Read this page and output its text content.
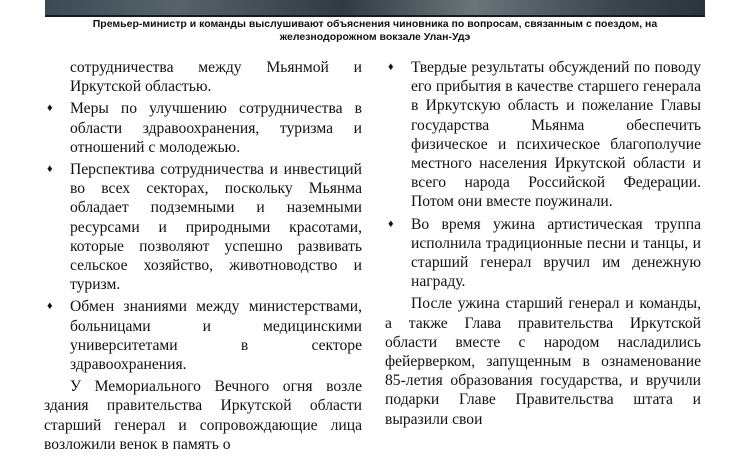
Премьер-министр и команды выслушивают объяснения чиновника по вопросам, связанным с поездом, на
железнодорожном вокзале Улан-Удэ
сотрудничества между Мьянмой и Иркутской областью.
♦ Меры по улучшению сотрудничества в области здравоохранения, туризма и отношений с молодежью.
♦ Перспектива сотрудничества и инвестиций во всех секторах, поскольку Мьянма обладает подземными и наземными ресурсами и природными красотами, которые позволяют успешно развивать сельское хозяйство, животноводство и туризм.
♦ Обмен знаниями между министерствами, больницами и медицинскими университетами в секторе здравоохранения.

У Мемориального Вечного огня возле здания правительства Иркутской области старший генерал и сопровождающие лица возложили венок в память о

♦ Твердые результаты обсуждений по поводу его прибытия в качестве старшего генерала в Иркутскую область и пожелание Главы государства Мьянма обеспечить физическое и психическое благополучие местного населения Иркутской области и всего народа Российской Федерации. Потом они вместе поужинали.
♦ Во время ужина артистическая труппа исполнила традиционные песни и танцы, и старший генерал вручил им денежную награду.

После ужина старший генерал и команды, а также Глава правительства Иркутской области вместе с народом насладились фейерверком, запущенным в ознаменование 85-летия образования государства, и вручили подарки Главе Правительства штата и выразили свои
